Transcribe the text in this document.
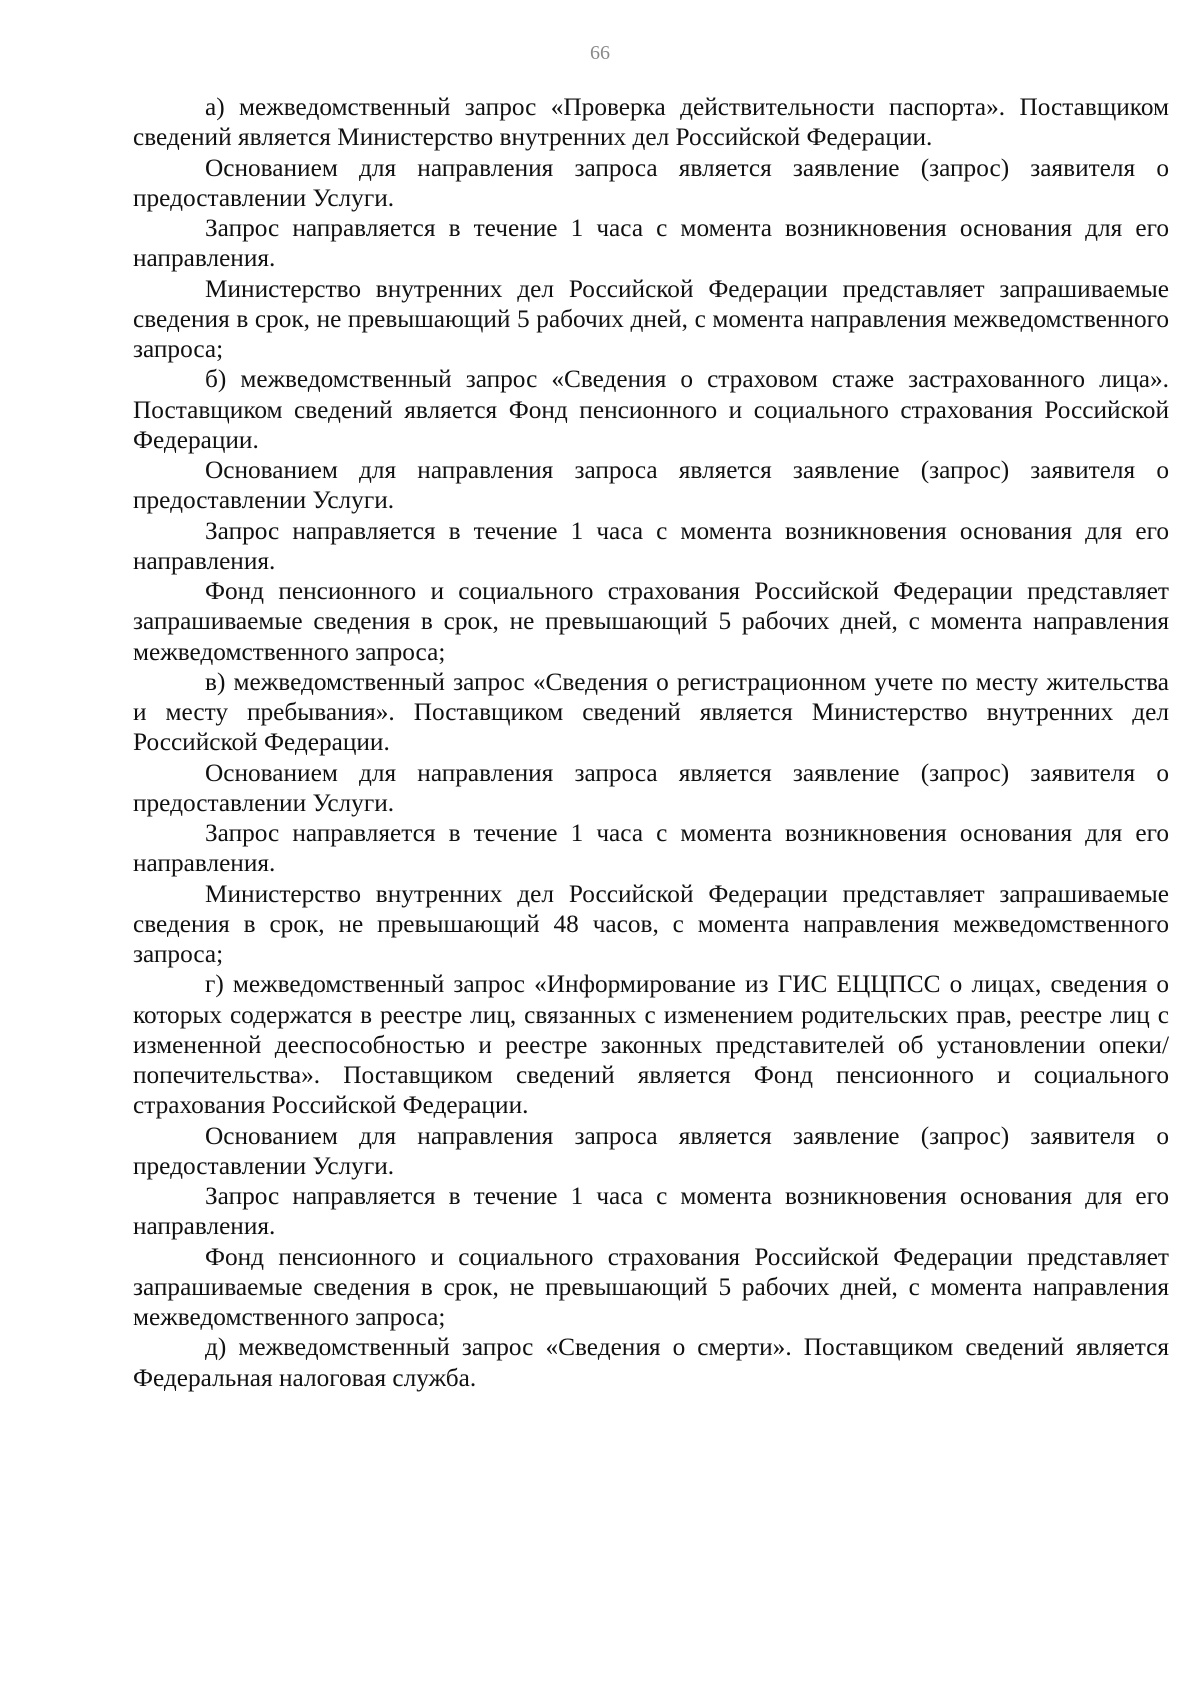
66

а) межведомственный запрос «Проверка действительности паспорта». Поставщиком сведений является Министерство внутренних дел Российской Федерации.

Основанием для направления запроса является заявление (запрос) заявителя о предоставлении Услуги.

Запрос направляется в течение 1 часа с момента возникновения основания для его направления.

Министерство внутренних дел Российской Федерации представляет запрашиваемые сведения в срок, не превышающий 5 рабочих дней, с момента направления межведомственного запроса;

б) межведомственный запрос «Сведения о страховом стаже застрахованного лица». Поставщиком сведений является Фонд пенсионного и социального страхования Российской Федерации.

Основанием для направления запроса является заявление (запрос) заявителя о предоставлении Услуги.

Запрос направляется в течение 1 часа с момента возникновения основания для его направления.

Фонд пенсионного и социального страхования Российской Федерации представляет запрашиваемые сведения в срок, не превышающий 5 рабочих дней, с момента направления межведомственного запроса;

в) межведомственный запрос «Сведения о регистрационном учете по месту жительства и месту пребывания». Поставщиком сведений является Министерство внутренних дел Российской Федерации.

Основанием для направления запроса является заявление (запрос) заявителя о предоставлении Услуги.

Запрос направляется в течение 1 часа с момента возникновения основания для его направления.

Министерство внутренних дел Российской Федерации представляет запрашиваемые сведения в срок, не превышающий 48 часов, с момента направления межведомственного запроса;

г) межведомственный запрос «Информирование из ГИС ЕЦЦПСС о лицах, сведения о которых содержатся в реестре лиц, связанных с изменением родительских прав, реестре лиц с измененной дееспособностью и реестре законных представителей об установлении опеки/попечительства». Поставщиком сведений является Фонд пенсионного и социального страхования Российской Федерации.

Основанием для направления запроса является заявление (запрос) заявителя о предоставлении Услуги.

Запрос направляется в течение 1 часа с момента возникновения основания для его направления.

Фонд пенсионного и социального страхования Российской Федерации представляет запрашиваемые сведения в срок, не превышающий 5 рабочих дней, с момента направления межведомственного запроса;

д) межведомственный запрос «Сведения о смерти». Поставщиком сведений является Федеральная налоговая служба.
